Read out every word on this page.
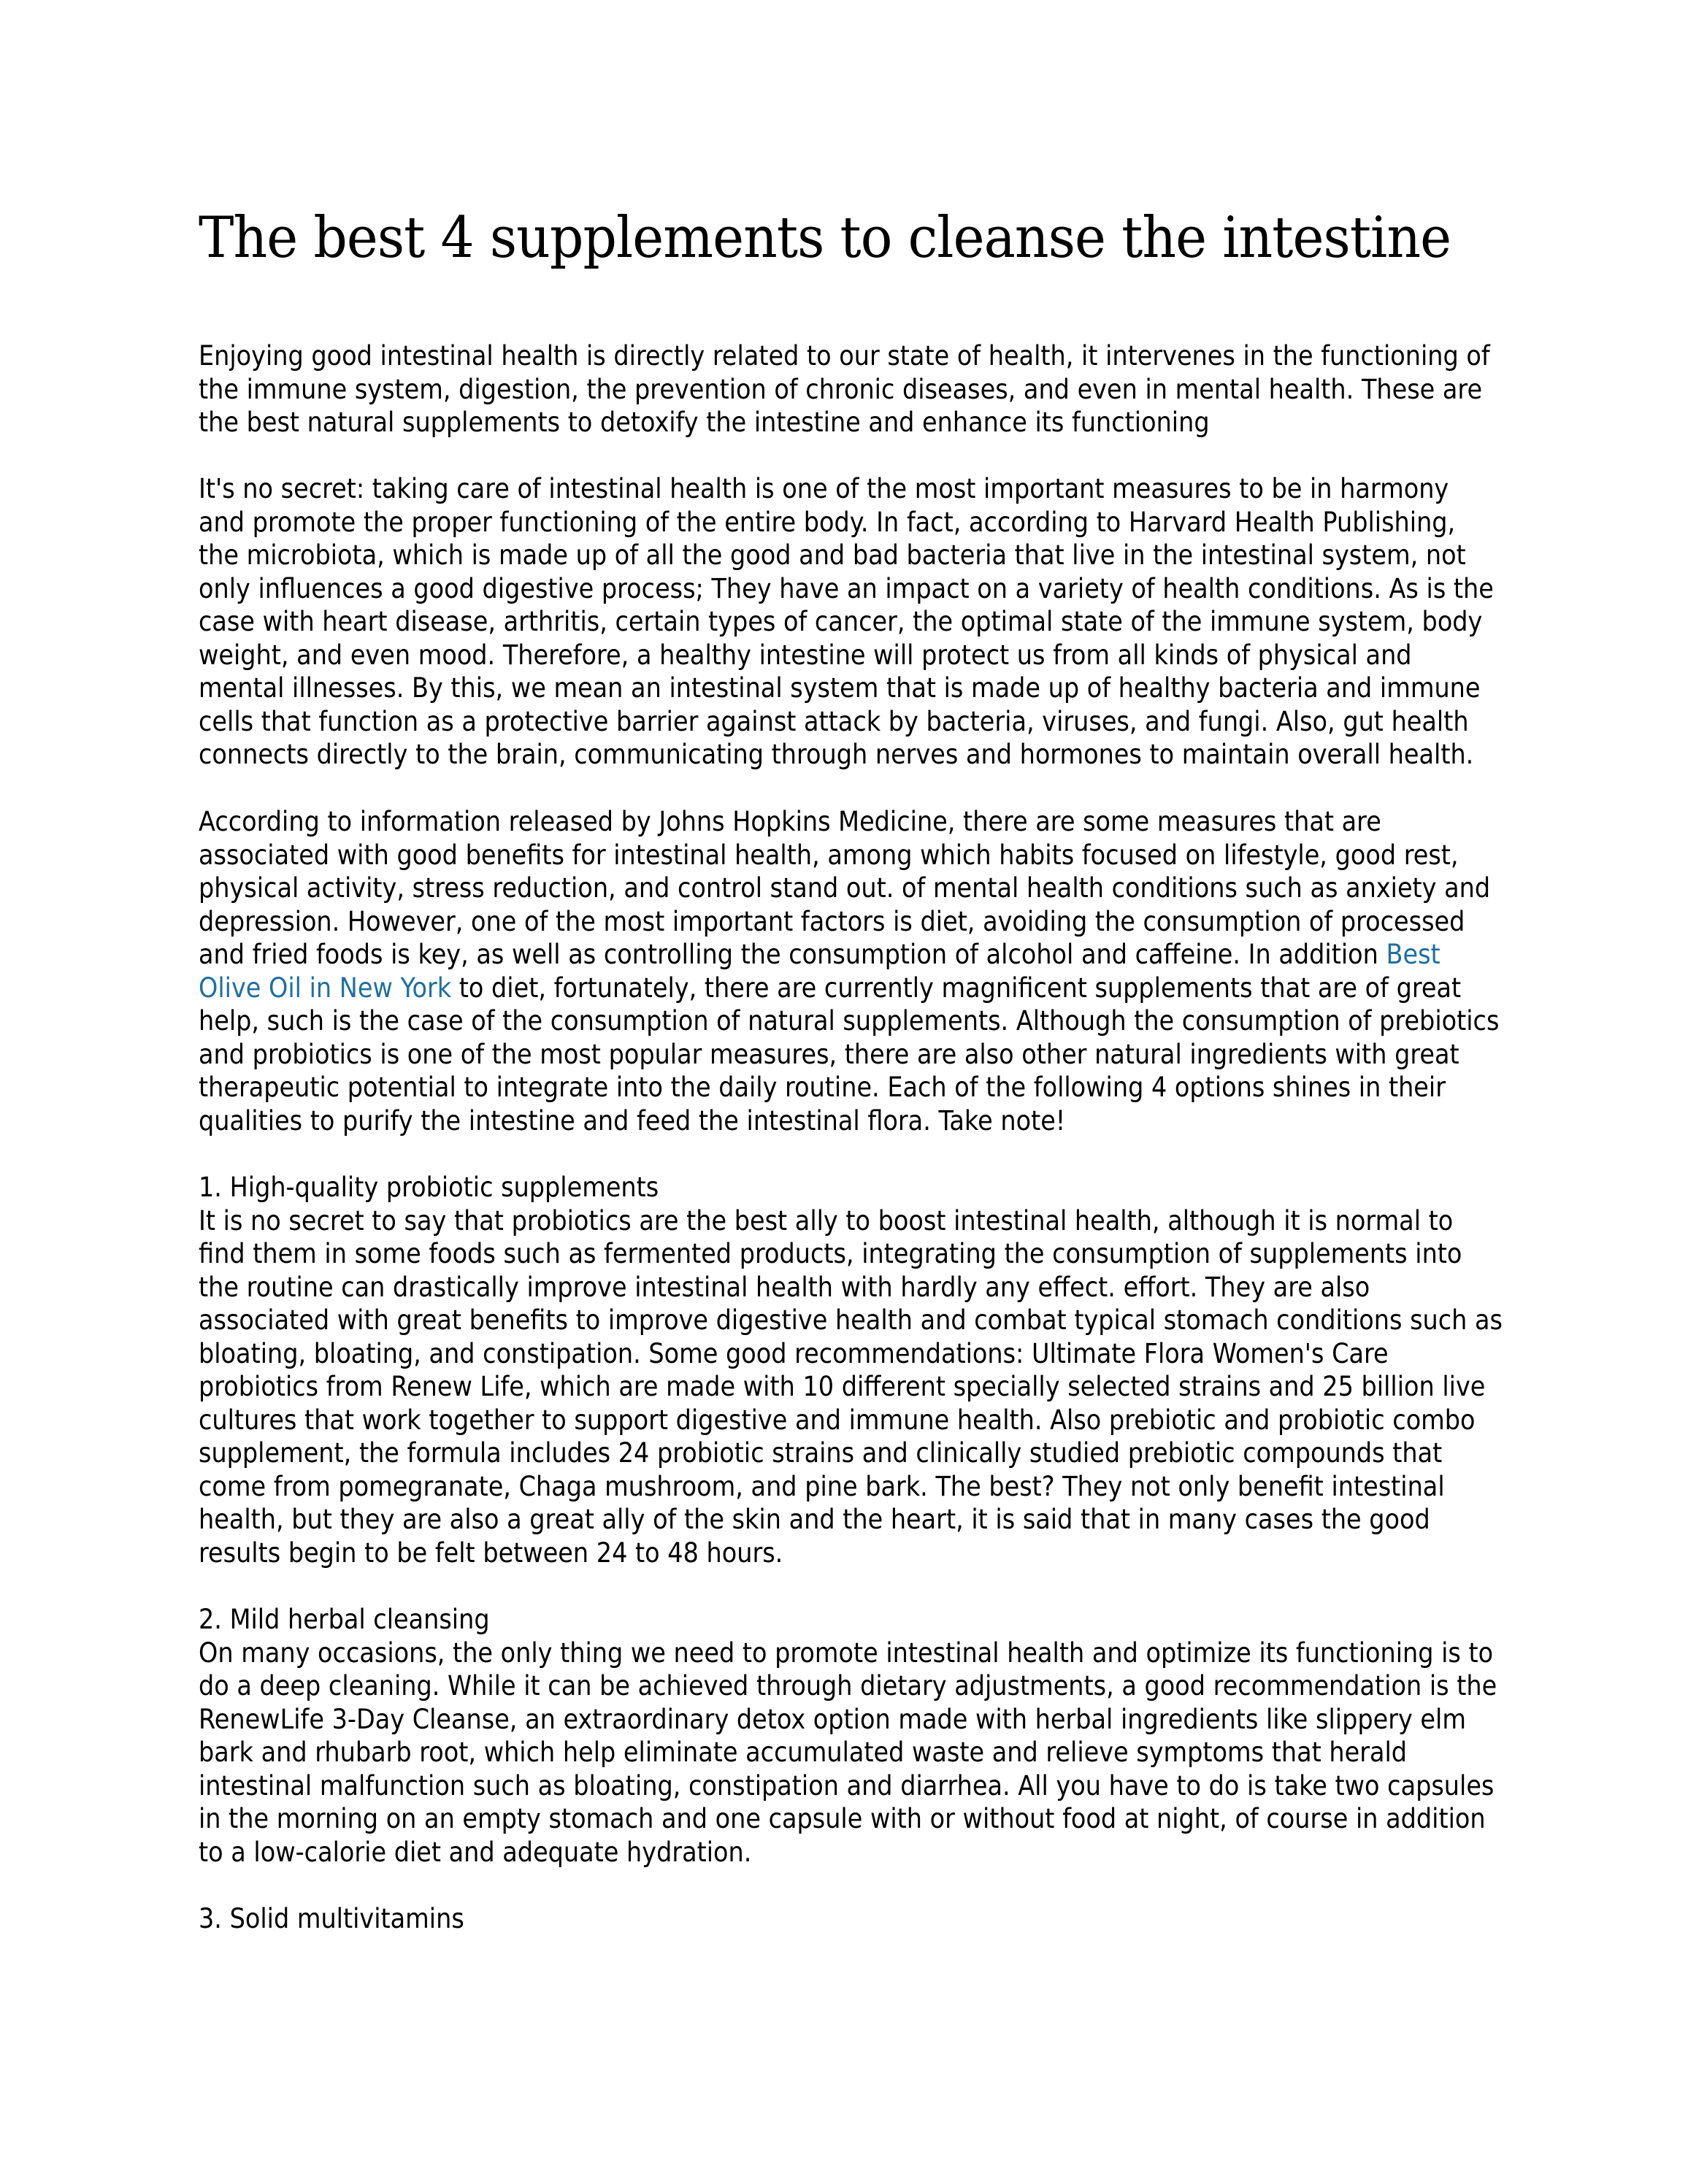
The best 4 supplements to cleanse the intestine

Enjoying good intestinal health is directly related to our state of health, it intervenes in the functioning of
the immune system, digestion, the prevention of chronic diseases, and even in mental health. These are
the best natural supplements to detoxify the intestine and enhance its functioning

It's no secret: taking care of intestinal health is one of the most important measures to be in harmony
and promote the proper functioning of the entire body. In fact, according to Harvard Health Publishing,
the microbiota, which is made up of all the good and bad bacteria that live in the intestinal system, not
only influences a good digestive process; They have an impact on a variety of health conditions. As is the
case with heart disease, arthritis, certain types of cancer, the optimal state of the immune system, body
weight, and even mood. Therefore, a healthy intestine will protect us from all kinds of physical and
mental illnesses. By this, we mean an intestinal system that is made up of healthy bacteria and immune
cells that function as a protective barrier against attack by bacteria, viruses, and fungi. Also, gut health
connects directly to the brain, communicating through nerves and hormones to maintain overall health.

According to information released by Johns Hopkins Medicine, there are some measures that are
associated with good benefits for intestinal health, among which habits focused on lifestyle, good rest,
physical activity, stress reduction, and control stand out. of mental health conditions such as anxiety and
depression. However, one of the most important factors is diet, avoiding the consumption of processed
and fried foods is key, as well as controlling the consumption of alcohol and caffeine. In addition Best
Olive Oil in New York to diet, fortunately, there are currently magnificent supplements that are of great
help, such is the case of the consumption of natural supplements. Although the consumption of prebiotics
and probiotics is one of the most popular measures, there are also other natural ingredients with great
therapeutic potential to integrate into the daily routine. Each of the following 4 options shines in their
qualities to purify the intestine and feed the intestinal flora. Take note!

1. High-quality probiotic supplements
It is no secret to say that probiotics are the best ally to boost intestinal health, although it is normal to
find them in some foods such as fermented products, integrating the consumption of supplements into
the routine can drastically improve intestinal health with hardly any effect. effort. They are also
associated with great benefits to improve digestive health and combat typical stomach conditions such as
bloating, bloating, and constipation. Some good recommendations: Ultimate Flora Women's Care
probiotics from Renew Life, which are made with 10 different specially selected strains and 25 billion live
cultures that work together to support digestive and immune health. Also prebiotic and probiotic combo
supplement, the formula includes 24 probiotic strains and clinically studied prebiotic compounds that
come from pomegranate, Chaga mushroom, and pine bark. The best? They not only benefit intestinal
health, but they are also a great ally of the skin and the heart, it is said that in many cases the good
results begin to be felt between 24 to 48 hours.

2. Mild herbal cleansing
On many occasions, the only thing we need to promote intestinal health and optimize its functioning is to
do a deep cleaning. While it can be achieved through dietary adjustments, a good recommendation is the
RenewLife 3-Day Cleanse, an extraordinary detox option made with herbal ingredients like slippery elm
bark and rhubarb root, which help eliminate accumulated waste and relieve symptoms that herald
intestinal malfunction such as bloating, constipation and diarrhea. All you have to do is take two capsules
in the morning on an empty stomach and one capsule with or without food at night, of course in addition
to a low-calorie diet and adequate hydration.

3. Solid multivitamins
